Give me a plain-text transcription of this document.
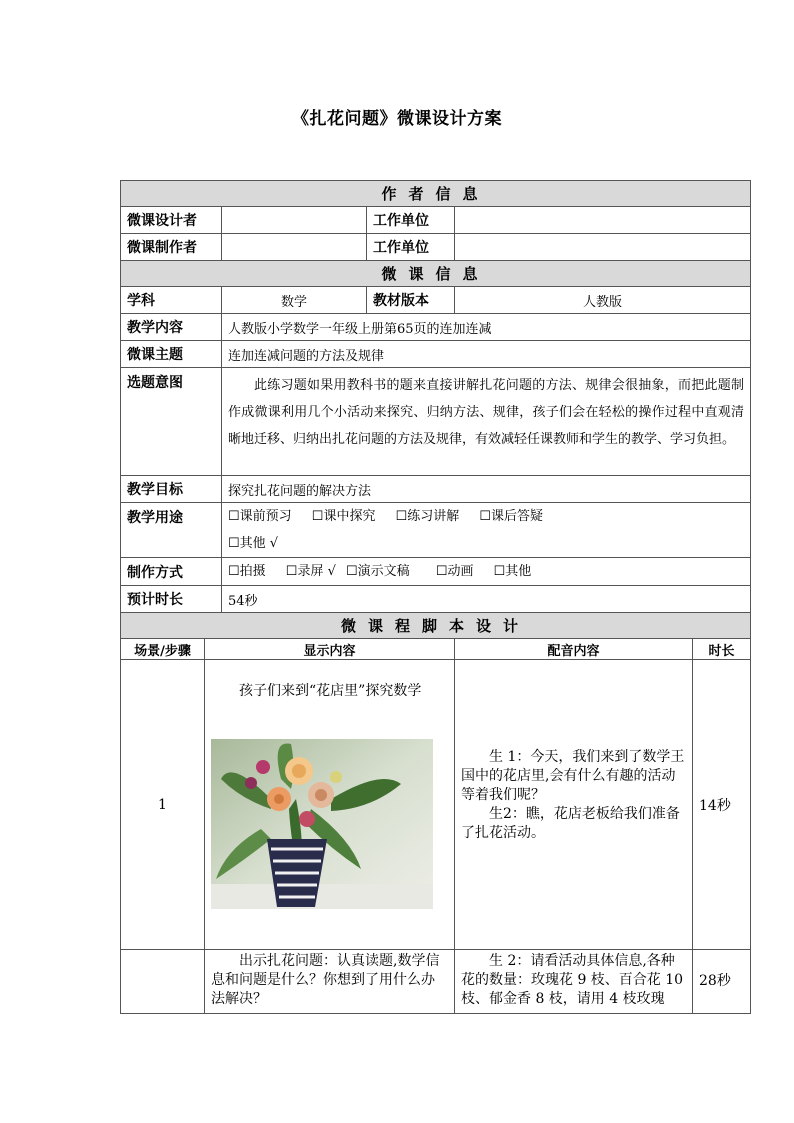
《扎花问题》微课设计方案
作者信息					
微课设计者			工作单位		
微课制作者			工作单位		
微课信息					
学科		数学	教材版本	人教版	
教学内容		人教版小学数学一年级上册第65页的连加连减			
微课主题		连加连减问题的方法及规律			
选题意图		此练习题如果用教科书的题来直接讲解扎花问题的方法、规律会很抽象，而把此题制作成微课利用几个小活动来探究、归纳方法、规律，孩子们会在轻松的操作过程中直观清晰地迁移、归纳出扎花问题的方法及规律，有效减轻任课教师和学生的教学、学习负担。			
教学目标		探究扎花问题的解决方法			
教学用途		☐课前预习 ☐课中探究 ☐练习讲解 ☐课后答疑
☐其他 √			

制作方式		☐拍摄 ☐录屏 √ ☐演示文稿 ☐动画 ☐其他			
预计时长		54秒			
微课程脚本设计					
场景/步骤	显示内容			配音内容	时长
1	孩子们来到“花店里”探究数学			生 1：今天，我们来到了数学王国中的花店里,会有什么有趣的活动等着我们呢？
生2：瞧，花店老板给我们准备了扎花活动。	14秒

	出示扎花问题：认真读题,数学信息和问题是什么？你想到了用什么办法解决？			生 2：请看活动具体信息,各种花的数量：玫瑰花 9 枝、百合花 10 枝、郁金香 8 枝，请用 4 枝玫瑰	28秒
